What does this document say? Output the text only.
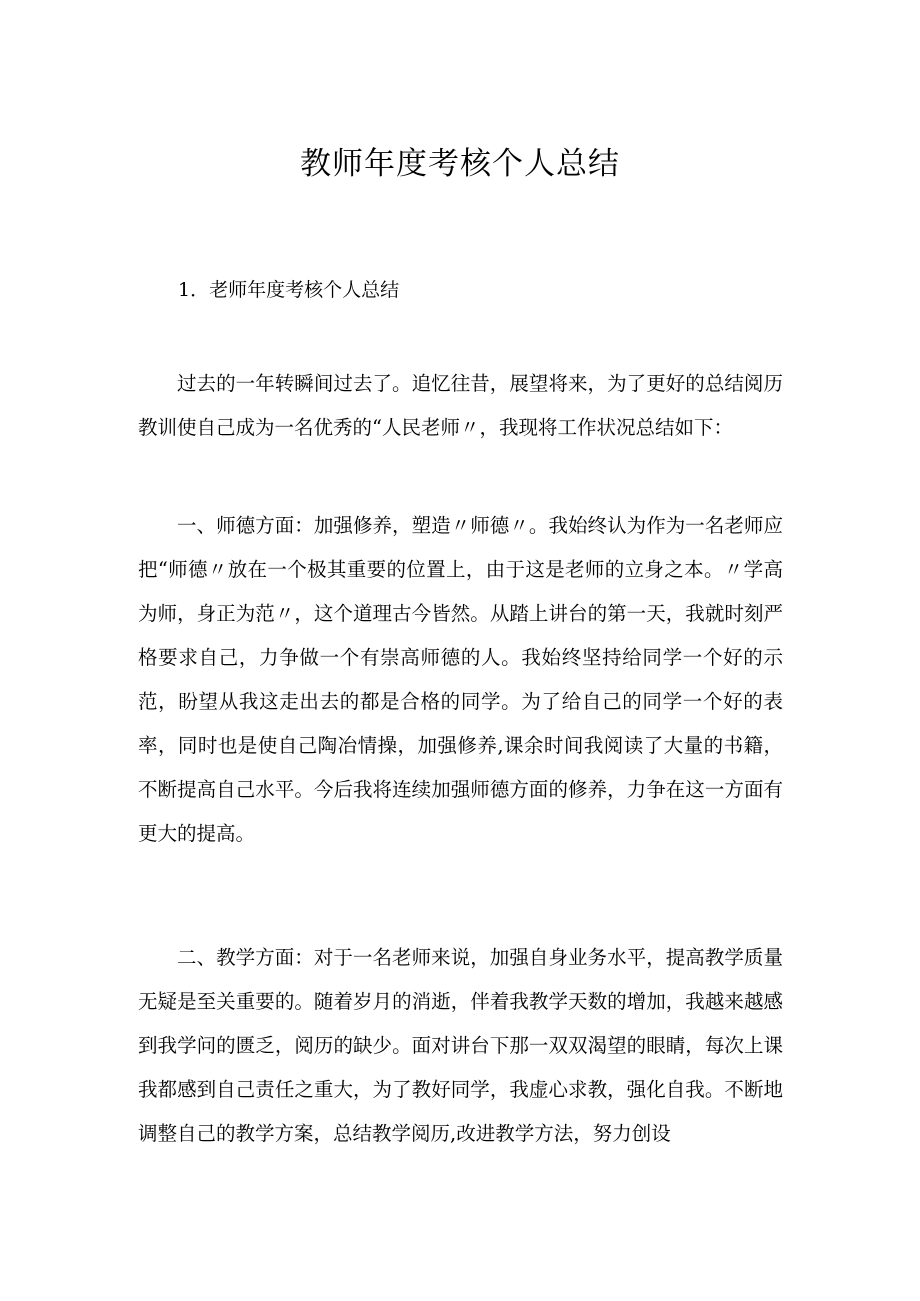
教师年度考核个人总结
1．老师年度考核个人总结

过去的一年转瞬间过去了。追忆往昔，展望将来，为了更好的总结阅历教训使自己成为一名优秀的“人民老师〃，我现将工作状况总结如下：

一、师德方面：加强修养，塑造〃师德〃。我始终认为作为一名老师应把“师德〃放在一个极其重要的位置上，由于这是老师的立身之本。〃学高为师，身正为范〃，这个道理古今皆然。从踏上讲台的第一天，我就时刻严格要求自己，力争做一个有崇高师德的人。我始终坚持给同学一个好的示范，盼望从我这走出去的都是合格的同学。为了给自己的同学一个好的表率，同时也是使自己陶冶情操，加强修养,课余时间我阅读了大量的书籍，不断提高自己水平。今后我将连续加强师德方面的修养，力争在这一方面有更大的提高。

二、教学方面：对于一名老师来说，加强自身业务水平，提高教学质量无疑是至关重要的。随着岁月的消逝，伴着我教学天数的增加，我越来越感到我学问的匮乏，阅历的缺少。面对讲台下那一双双渴望的眼睛，每次上课我都感到自己责任之重大，为了教好同学，我虚心求教，强化自我。不断地调整自己的教学方案，总结教学阅历,改进教学方法，努力创设
